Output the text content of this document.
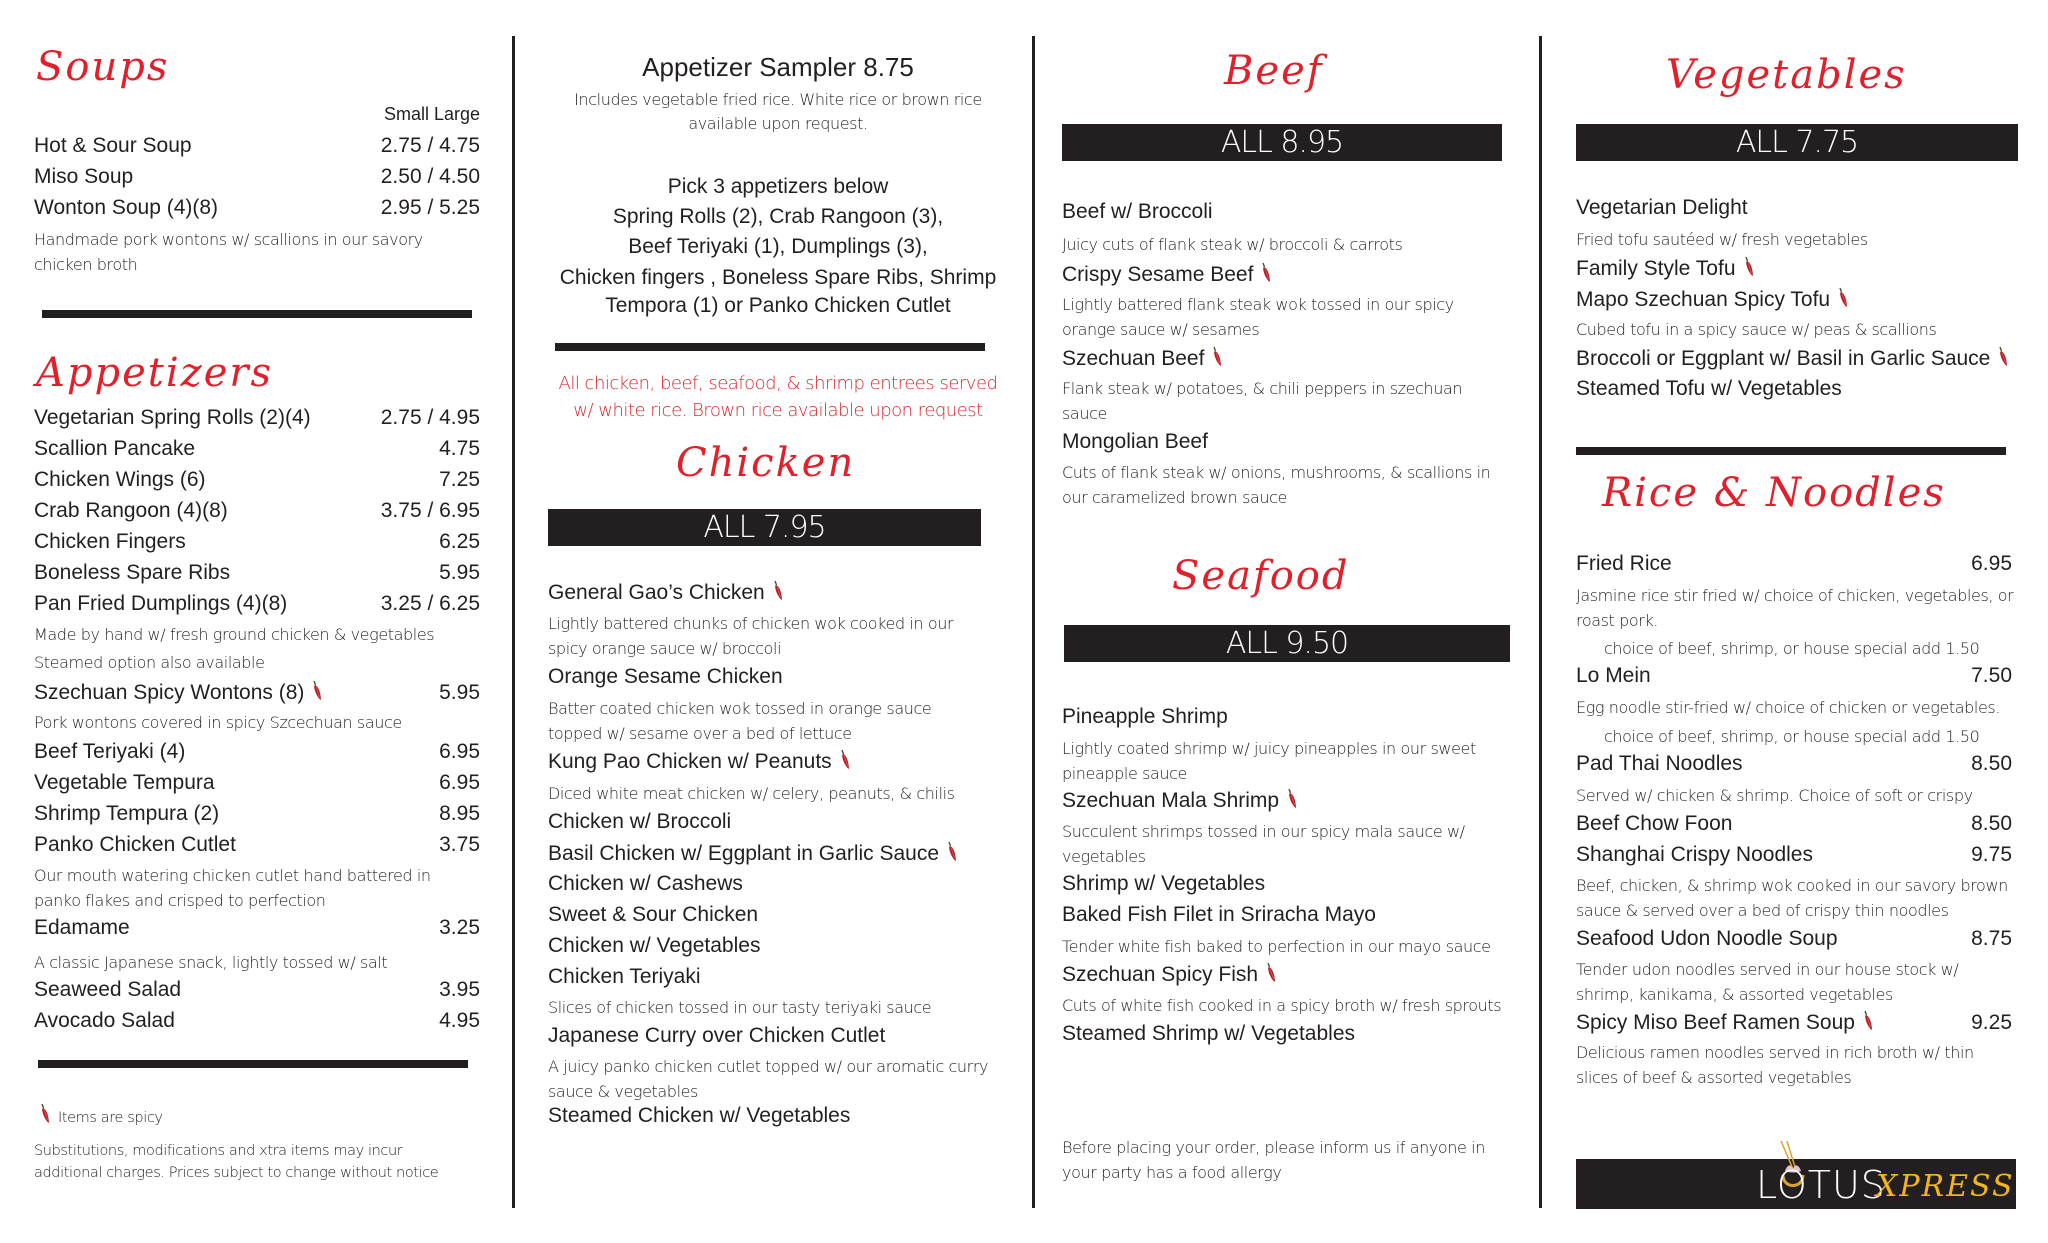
Soups
Small Large
Hot & Sour Soup	2.75 / 4.75
Miso Soup	2.50 / 4.50
Wonton Soup (4)(8)	2.95 / 5.25
Handmade pork wontons w/ scallions in our savory chicken broth
Appetizers
Vegetarian Spring Rolls (2)(4)	2.75 / 4.95
Scallion Pancake	4.75
Chicken Wings (6)	7.25
Crab Rangoon (4)(8)	3.75 / 6.95
Chicken Fingers	6.25
Boneless Spare Ribs	5.95
Pan Fried Dumplings (4)(8)	3.25 / 6.25
Made by hand w/ fresh ground chicken & vegetables
Steamed option also available
Szechuan Spicy Wontons (8)	5.95
Pork wontons covered in spicy Szcechuan sauce
Beef Teriyaki (4)	6.95
Vegetable Tempura	6.95
Shrimp Tempura (2)	8.95
Panko Chicken Cutlet	3.75
Our mouth watering chicken cutlet hand battered in panko flakes and crisped to perfection
Edamame	3.25
A classic Japanese snack, lightly tossed w/ salt
Seaweed Salad	3.95
Avocado Salad	4.95
Items are spicy
Substitutions, modifications and xtra items may incur additional charges. Prices subject to change without notice
Appetizer Sampler 8.75
Includes vegetable fried rice. White rice or brown rice available upon request.
Pick 3 appetizers below
Spring Rolls (2), Crab Rangoon (3),
Beef Teriyaki (1), Dumplings (3),
Chicken fingers , Boneless Spare Ribs, Shrimp
Tempora (1) or Panko Chicken Cutlet
All chicken, beef, seafood, & shrimp entrees served w/ white rice. Brown rice available upon request
Chicken
ALL 7.95
General Gao’s Chicken
Lightly battered chunks of chicken wok cooked in our spicy orange sauce w/ broccoli
Orange Sesame Chicken
Batter coated chicken wok tossed in orange sauce topped w/ sesame over a bed of lettuce
Kung Pao Chicken w/ Peanuts
Diced white meat chicken w/ celery, peanuts, & chilis
Chicken w/ Broccoli
Basil Chicken w/ Eggplant in Garlic Sauce
Chicken w/ Cashews
Sweet & Sour Chicken
Chicken w/ Vegetables
Chicken Teriyaki
Slices of chicken tossed in our tasty teriyaki sauce
Japanese Curry over Chicken Cutlet
A juicy panko chicken cutlet topped w/ our aromatic curry sauce & vegetables
Steamed Chicken w/ Vegetables
Beef
ALL 8.95
Beef w/ Broccoli
Juicy cuts of flank steak w/ broccoli & carrots
Crispy Sesame Beef
Lightly battered flank steak wok tossed in our spicy orange sauce w/ sesames
Szechuan Beef
Flank steak w/ potatoes, & chili peppers in szechuan sauce
Mongolian Beef
Cuts of flank steak w/ onions, mushrooms, & scallions in our caramelized brown sauce
Seafood
ALL 9.50
Pineapple Shrimp
Lightly coated shrimp w/ juicy pineapples in our sweet pineapple sauce
Szechuan Mala Shrimp
Succulent shrimps tossed in our spicy mala sauce w/ vegetables
Shrimp w/ Vegetables
Baked Fish Filet in Sriracha Mayo
Tender white fish baked to perfection in our mayo sauce
Szechuan Spicy Fish
Cuts of white fish cooked in a spicy broth w/ fresh sprouts
Steamed Shrimp w/ Vegetables
Before placing your order, please inform us if anyone in your party has a food allergy
Vegetables
ALL 7.75
Vegetarian Delight
Fried tofu sautéed w/ fresh vegetables
Family Style Tofu
Mapo Szechuan Spicy Tofu
Cubed tofu in a spicy sauce w/ peas & scallions
Broccoli or Eggplant w/ Basil in Garlic Sauce
Steamed Tofu w/ Vegetables
Rice & Noodles
Fried Rice	6.95
Jasmine rice stir fried w/ choice of chicken, vegetables, or roast pork.
choice of beef, shrimp, or house special add 1.50
Lo Mein	7.50
Egg noodle stir-fried w/ choice of chicken or vegetables.
choice of beef, shrimp, or house special add 1.50
Pad Thai Noodles	8.50
Served w/ chicken & shrimp. Choice of soft or crispy
Beef Chow Foon	8.50
Shanghai Crispy Noodles	9.75
Beef, chicken, & shrimp wok cooked in our savory brown sauce & served over a bed of crispy thin noodles
Seafood Udon Noodle Soup	8.75
Tender udon noodles served in our house stock w/ shrimp, kanikama, & assorted vegetables
Spicy Miso Beef Ramen Soup	9.25
Delicious ramen noodles served in rich broth w/ thin slices of beef & assorted vegetables
LOTUS
XPRESS
